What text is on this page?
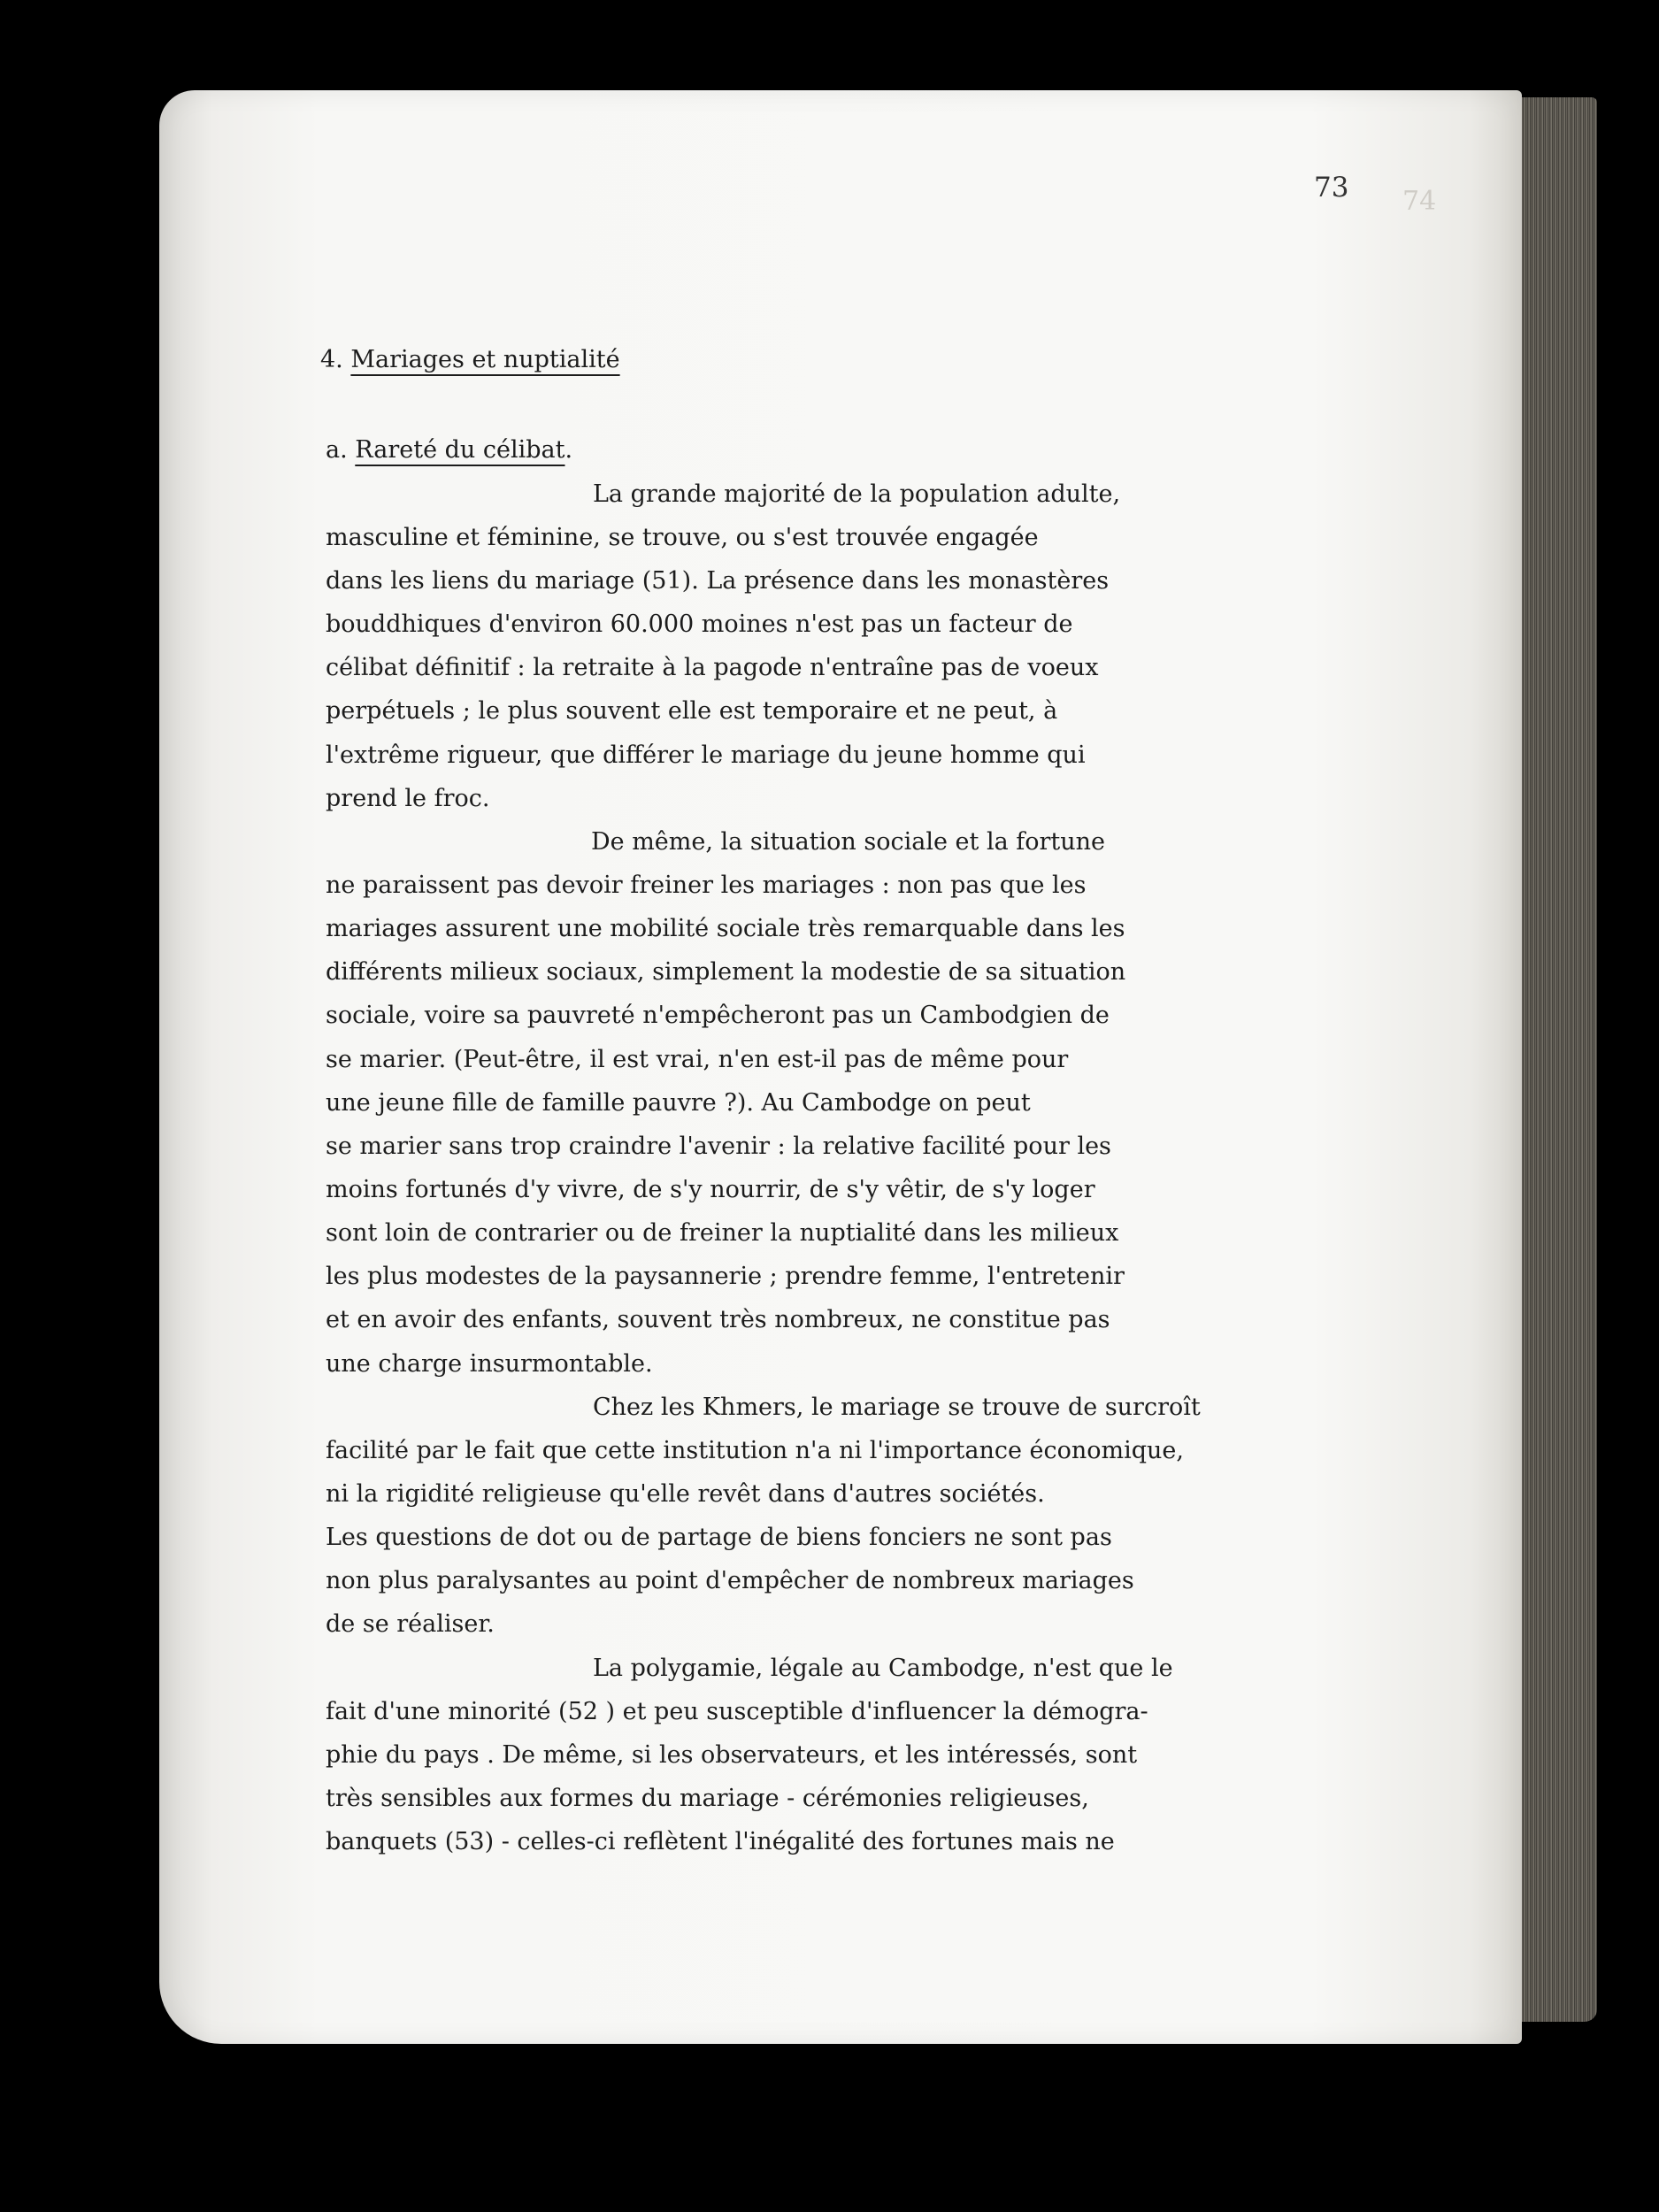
73 74
4. Mariages et nuptialité
a. Rareté du célibat.
La grande majorité de la population adulte,
masculine et féminine, se trouve, ou s'est trouvée engagée
dans les liens du mariage (51). La présence dans les monastères
bouddhiques d'environ 60.000 moines n'est pas un facteur de
célibat définitif : la retraite à la pagode n'entraîne pas de voeux
perpétuels ; le plus souvent elle est temporaire et ne peut, à
l'extrême rigueur, que différer le mariage du jeune homme qui
prend le froc.
De même, la situation sociale et la fortune
ne paraissent pas devoir freiner les mariages : non pas que les
mariages assurent une mobilité sociale très remarquable dans les
différents milieux sociaux, simplement la modestie de sa situation
sociale, voire sa pauvreté n'empêcheront pas un Cambodgien de
se marier. (Peut-être, il est vrai, n'en est-il pas de même pour
une jeune fille de famille pauvre ?). Au Cambodge on peut
se marier sans trop craindre l'avenir : la relative facilité pour les
moins fortunés d'y vivre, de s'y nourrir, de s'y vêtir, de s'y loger
sont loin de contrarier ou de freiner la nuptialité dans les milieux
les plus modestes de la paysannerie ; prendre femme, l'entretenir
et en avoir des enfants, souvent très nombreux, ne constitue pas
une charge insurmontable.
Chez les Khmers, le mariage se trouve de surcroît
facilité par le fait que cette institution n'a ni l'importance économique,
ni la rigidité religieuse qu'elle revêt dans d'autres sociétés.
Les questions de dot ou de partage de biens fonciers ne sont pas
non plus paralysantes au point d'empêcher de nombreux mariages
de se réaliser.
La polygamie, légale au Cambodge, n'est que le
fait d'une minorité (52 ) et peu susceptible d'influencer la démogra-
phie du pays . De même, si les observateurs, et les intéressés, sont
très sensibles aux formes du mariage - cérémonies religieuses,
banquets (53) - celles-ci reflètent l'inégalité des fortunes mais ne
